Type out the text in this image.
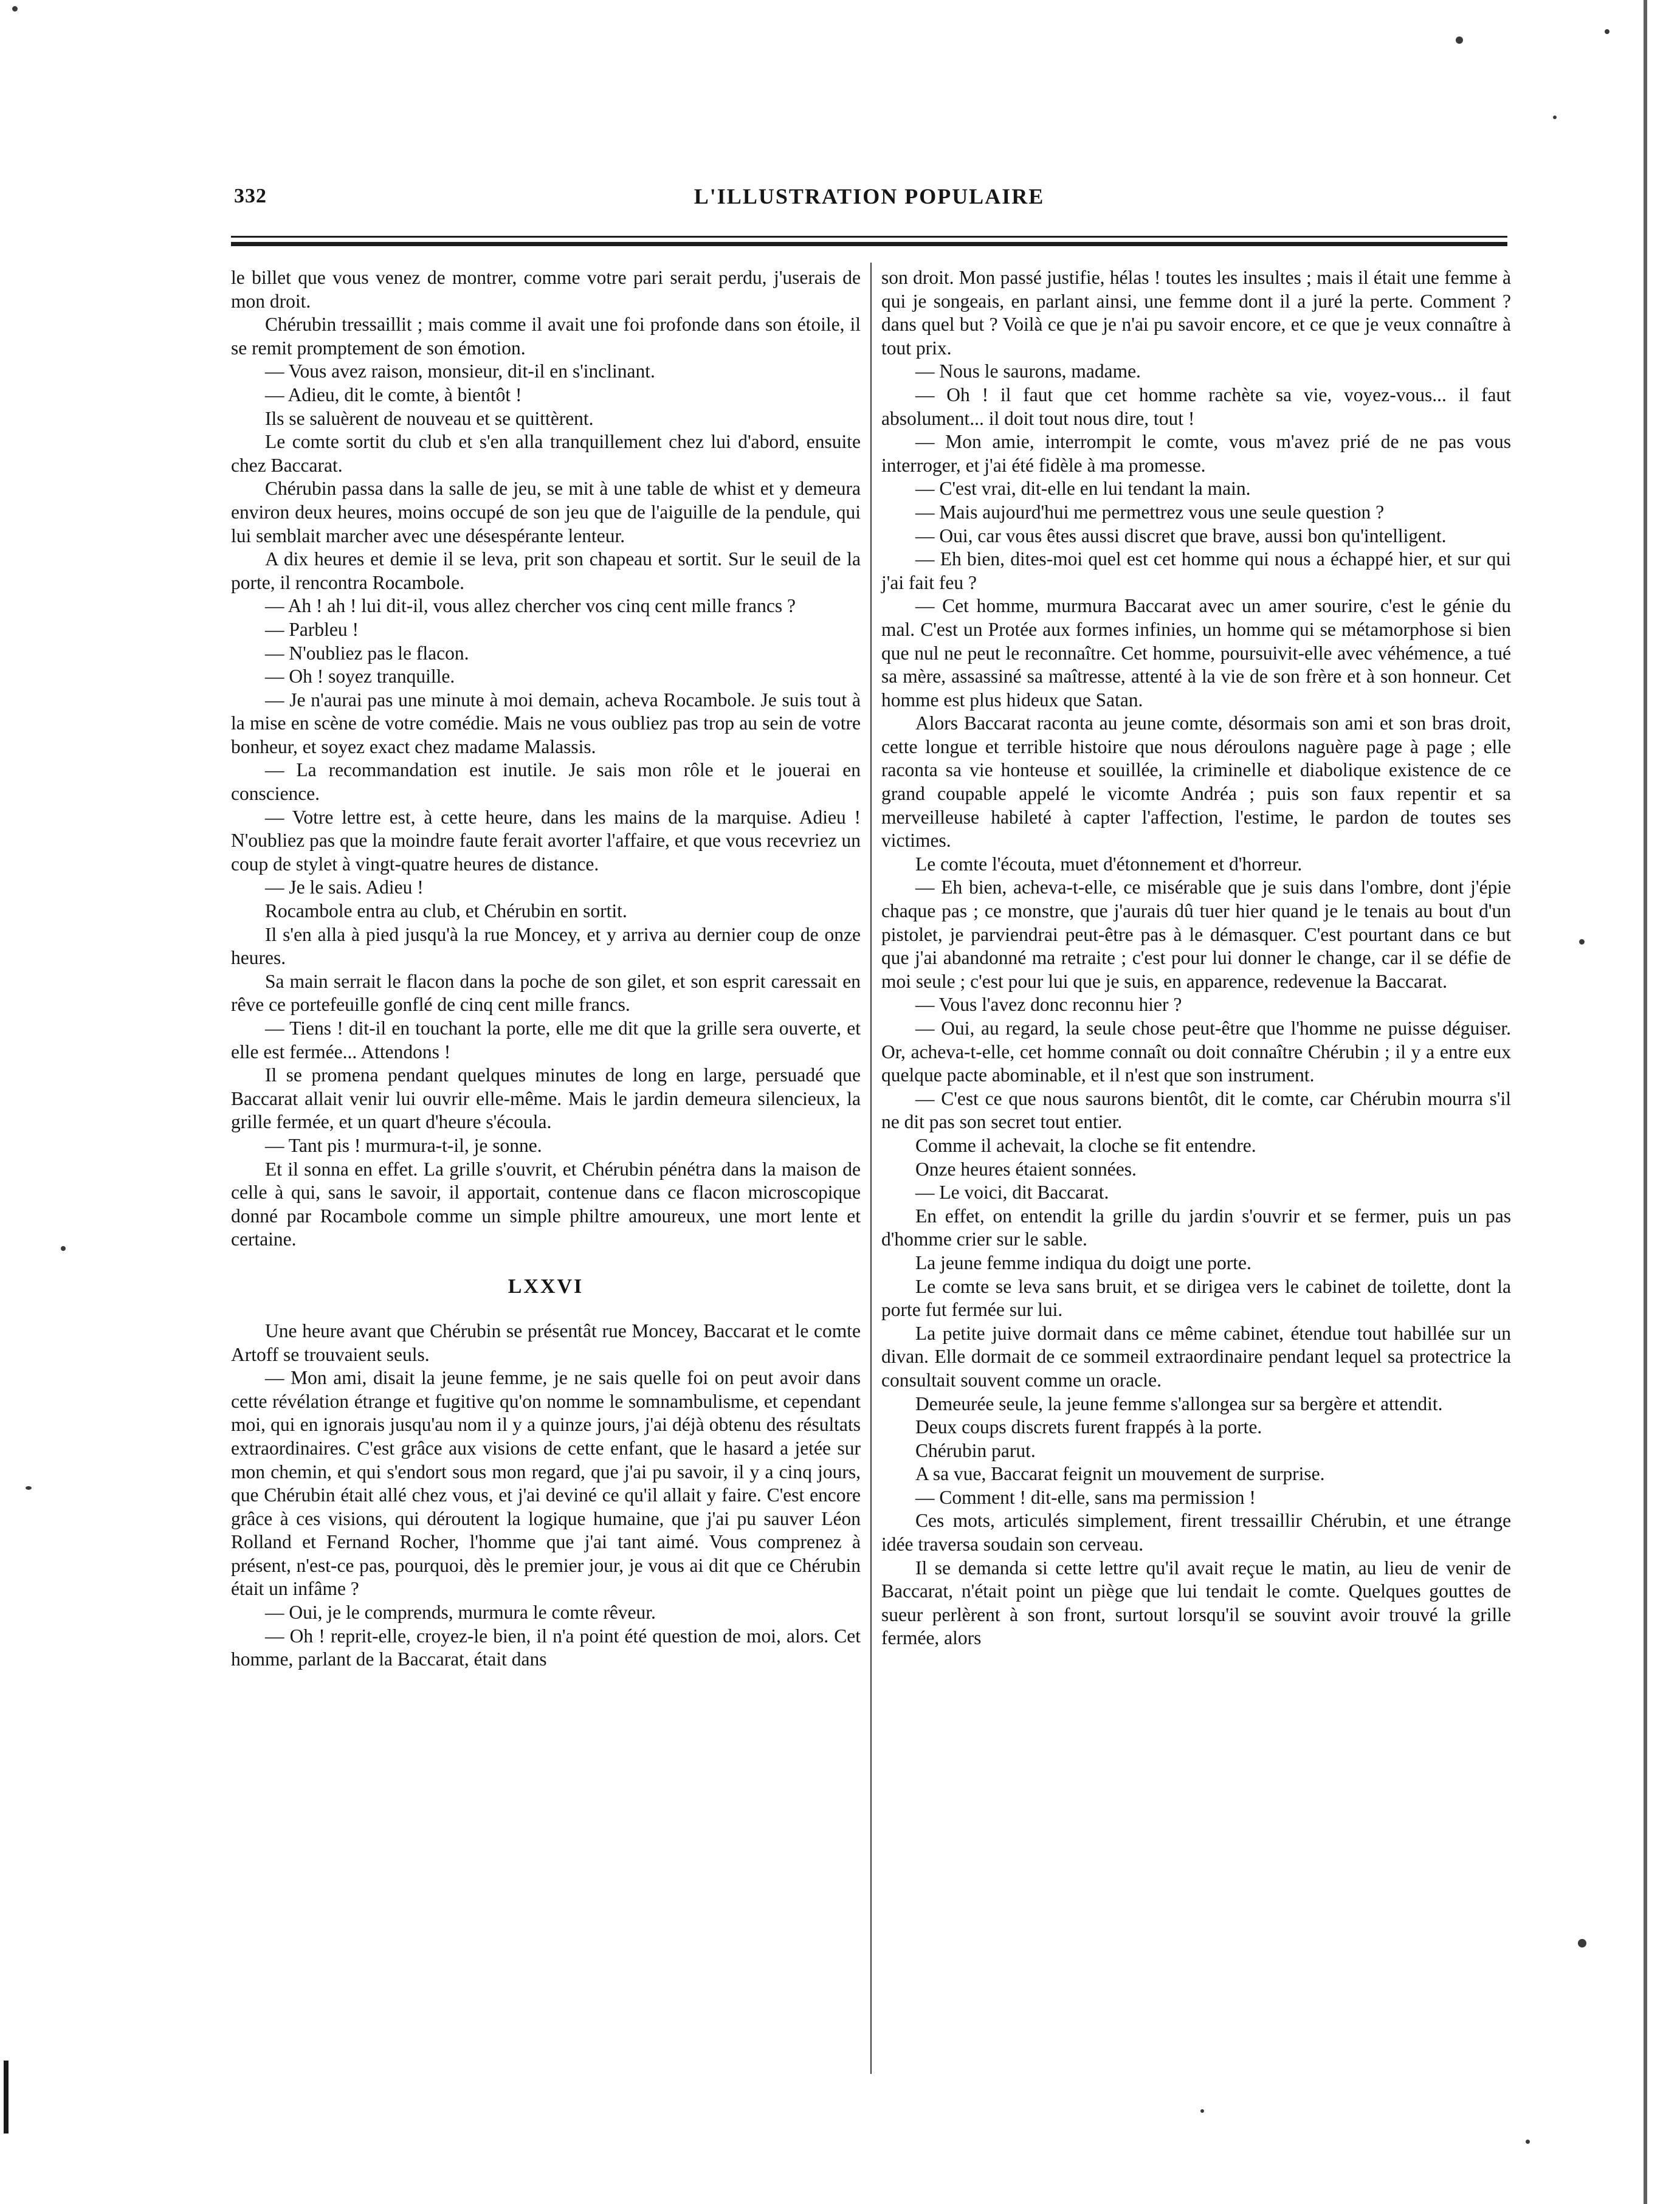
332	L'ILLUSTRATION POPULAIRE

le billet que vous venez de montrer, comme votre pari serait perdu, j'userais de mon droit.

Chérubin tressaillit ; mais comme il avait une foi profonde dans son étoile, il se remit promptement de son émotion.

— Vous avez raison, monsieur, dit-il en s'inclinant.

— Adieu, dit le comte, à bientôt !

Ils se saluèrent de nouveau et se quittèrent.

Le comte sortit du club et s'en alla tranquillement chez lui d'abord, ensuite chez Baccarat.

Chérubin passa dans la salle de jeu, se mit à une table de whist et y demeura environ deux heures, moins occupé de son jeu que de l'aiguille de la pendule, qui lui semblait marcher avec une désespérante lenteur.

A dix heures et demie il se leva, prit son chapeau et sortit. Sur le seuil de la porte, il rencontra Rocambole.

— Ah ! ah ! lui dit-il, vous allez chercher vos cinq cent mille francs ?

— Parbleu !

— N'oubliez pas le flacon.

— Oh ! soyez tranquille.

— Je n'aurai pas une minute à moi demain, acheva Rocambole. Je suis tout à la mise en scène de votre comédie. Mais ne vous oubliez pas trop au sein de votre bonheur, et soyez exact chez madame Malassis.

— La recommandation est inutile. Je sais mon rôle et le jouerai en conscience.

— Votre lettre est, à cette heure, dans les mains de la marquise. Adieu ! N'oubliez pas que la moindre faute ferait avorter l'affaire, et que vous recevriez un coup de stylet à vingt-quatre heures de distance.

— Je le sais. Adieu !

Rocambole entra au club, et Chérubin en sortit.

Il s'en alla à pied jusqu'à la rue Moncey, et y arriva au dernier coup de onze heures.

Sa main serrait le flacon dans la poche de son gilet, et son esprit caressait en rêve ce portefeuille gonflé de cinq cent mille francs.

— Tiens ! dit-il en touchant la porte, elle me dit que la grille sera ouverte, et elle est fermée... Attendons !

Il se promena pendant quelques minutes de long en large, persuadé que Baccarat allait venir lui ouvrir elle-même. Mais le jardin demeura silencieux, la grille fermée, et un quart d'heure s'écoula.

— Tant pis ! murmura-t-il, je sonne.

Et il sonna en effet. La grille s'ouvrit, et Chérubin pénétra dans la maison de celle à qui, sans le savoir, il apportait, contenue dans ce flacon microscopique donné par Rocambole comme un simple philtre amoureux, une mort lente et certaine.

LXXVI

Une heure avant que Chérubin se présentât rue Moncey, Baccarat et le comte Artoff se trouvaient seuls.

— Mon ami, disait la jeune femme, je ne sais quelle foi on peut avoir dans cette révélation étrange et fugitive qu'on nomme le somnambulisme, et cependant moi, qui en ignorais jusqu'au nom il y a quinze jours, j'ai déjà obtenu des résultats extraordinaires. C'est grâce aux visions de cette enfant, que le hasard a jetée sur mon chemin, et qui s'endort sous mon regard, que j'ai pu savoir, il y a cinq jours, que Chérubin était allé chez vous, et j'ai deviné ce qu'il allait y faire. C'est encore grâce à ces visions, qui déroutent la logique humaine, que j'ai pu sauver Léon Rolland et Fernand Rocher, l'homme que j'ai tant aimé. Vous comprenez à présent, n'est-ce pas, pourquoi, dès le premier jour, je vous ai dit que ce Chérubin était un infâme ?

— Oui, je le comprends, murmura le comte rêveur.

— Oh ! reprit-elle, croyez-le bien, il n'a point été question de moi, alors. Cet homme, parlant de la Baccarat, était dans

son droit. Mon passé justifie, hélas ! toutes les insultes ; mais il était une femme à qui je songeais, en parlant ainsi, une femme dont il a juré la perte. Comment ? dans quel but ? Voilà ce que je n'ai pu savoir encore, et ce que je veux connaître à tout prix.

— Nous le saurons, madame.

— Oh ! il faut que cet homme rachète sa vie, voyez-vous... il faut absolument... il doit tout nous dire, tout !

— Mon amie, interrompit le comte, vous m'avez prié de ne pas vous interroger, et j'ai été fidèle à ma promesse.

— C'est vrai, dit-elle en lui tendant la main.

— Mais aujourd'hui me permettrez vous une seule question ?

— Oui, car vous êtes aussi discret que brave, aussi bon qu'intelligent.

— Eh bien, dites-moi quel est cet homme qui nous a échappé hier, et sur qui j'ai fait feu ?

— Cet homme, murmura Baccarat avec un amer sourire, c'est le génie du mal. C'est un Protée aux formes infinies, un homme qui se métamorphose si bien que nul ne peut le reconnaître. Cet homme, poursuivit-elle avec véhémence, a tué sa mère, assassiné sa maîtresse, attenté à la vie de son frère et à son honneur. Cet homme est plus hideux que Satan.

Alors Baccarat raconta au jeune comte, désormais son ami et son bras droit, cette longue et terrible histoire que nous déroulons naguère page à page ; elle raconta sa vie honteuse et souillée, la criminelle et diabolique existence de ce grand coupable appelé le vicomte Andréa ; puis son faux repentir et sa merveilleuse habileté à capter l'affection, l'estime, le pardon de toutes ses victimes.

Le comte l'écouta, muet d'étonnement et d'horreur.

— Eh bien, acheva-t-elle, ce misérable que je suis dans l'ombre, dont j'épie chaque pas ; ce monstre, que j'aurais dû tuer hier quand je le tenais au bout d'un pistolet, je parviendrai peut-être pas à le démasquer. C'est pourtant dans ce but que j'ai abandonné ma retraite ; c'est pour lui donner le change, car il se défie de moi seule ; c'est pour lui que je suis, en apparence, redevenue la Baccarat.

— Vous l'avez donc reconnu hier ?

— Oui, au regard, la seule chose peut-être que l'homme ne puisse déguiser. Or, acheva-t-elle, cet homme connaît ou doit connaître Chérubin ; il y a entre eux quelque pacte abominable, et il n'est que son instrument.

— C'est ce que nous saurons bientôt, dit le comte, car Chérubin mourra s'il ne dit pas son secret tout entier.

Comme il achevait, la cloche se fit entendre.

Onze heures étaient sonnées.

— Le voici, dit Baccarat.

En effet, on entendit la grille du jardin s'ouvrir et se fermer, puis un pas d'homme crier sur le sable.

La jeune femme indiqua du doigt une porte.

Le comte se leva sans bruit, et se dirigea vers le cabinet de toilette, dont la porte fut fermée sur lui.

La petite juive dormait dans ce même cabinet, étendue tout habillée sur un divan. Elle dormait de ce sommeil extraordinaire pendant lequel sa protectrice la consultait souvent comme un oracle.

Demeurée seule, la jeune femme s'allongea sur sa bergère et attendit.

Deux coups discrets furent frappés à la porte.

Chérubin parut.

A sa vue, Baccarat feignit un mouvement de surprise.

— Comment ! dit-elle, sans ma permission !

Ces mots, articulés simplement, firent tressaillir Chérubin, et une étrange idée traversa soudain son cerveau.

Il se demanda si cette lettre qu'il avait reçue le matin, au lieu de venir de Baccarat, n'était point un piège que lui tendait le comte. Quelques gouttes de sueur perlèrent à son front, surtout lorsqu'il se souvint avoir trouvé la grille fermée, alors
